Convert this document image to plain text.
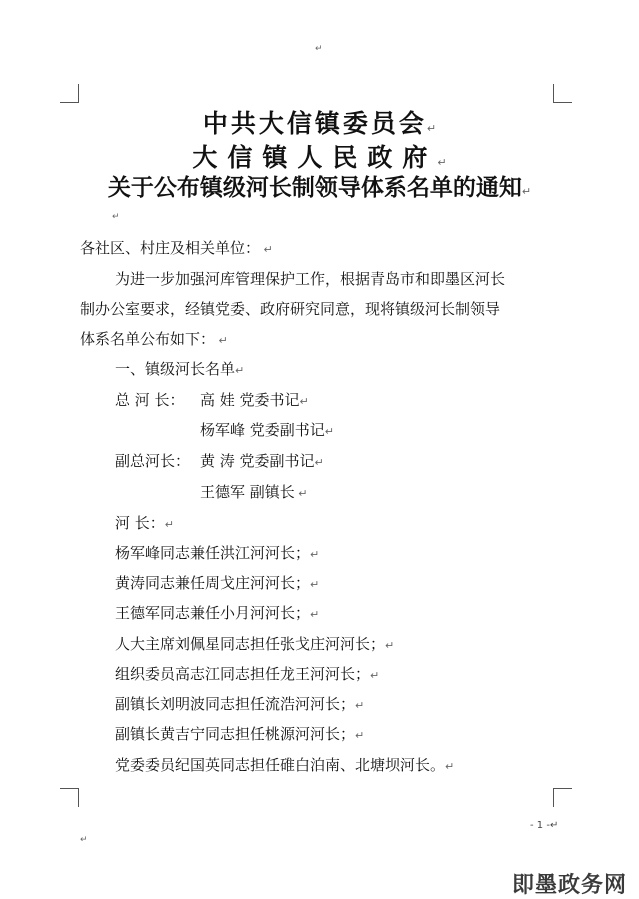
↵
中共大信镇委员会↵
大信镇人民政府↵
关于公布镇级河长制领导体系名单的通知↵
↵
各社区、村庄及相关单位： ↵
为进一步加强河库管理保护工作，根据青岛市和即墨区河长
制办公室要求，经镇党委、政府研究同意，现将镇级河长制领导
体系名单公布如下： ↵
一、镇级河长名单↵
总 河 长： 高 娃 党委书记↵
杨军峰 党委副书记↵
副总河长： 黄 涛 党委副书记↵
王德军 副镇长 ↵
河 长：↵
杨军峰同志兼任洪江河河长；↵
黄涛同志兼任周戈庄河河长；↵
王德军同志兼任小月河河长；↵
人大主席刘佩星同志担任张戈庄河河长；↵
组织委员高志江同志担任龙王河河长；↵
副镇长刘明波同志担任流浩河河长；↵
副镇长黄吉宁同志担任桃源河河长；↵
党委委员纪国英同志担任碓白泊南、北塘坝河长。↵
- 1 -↵
↵
即墨政务网
